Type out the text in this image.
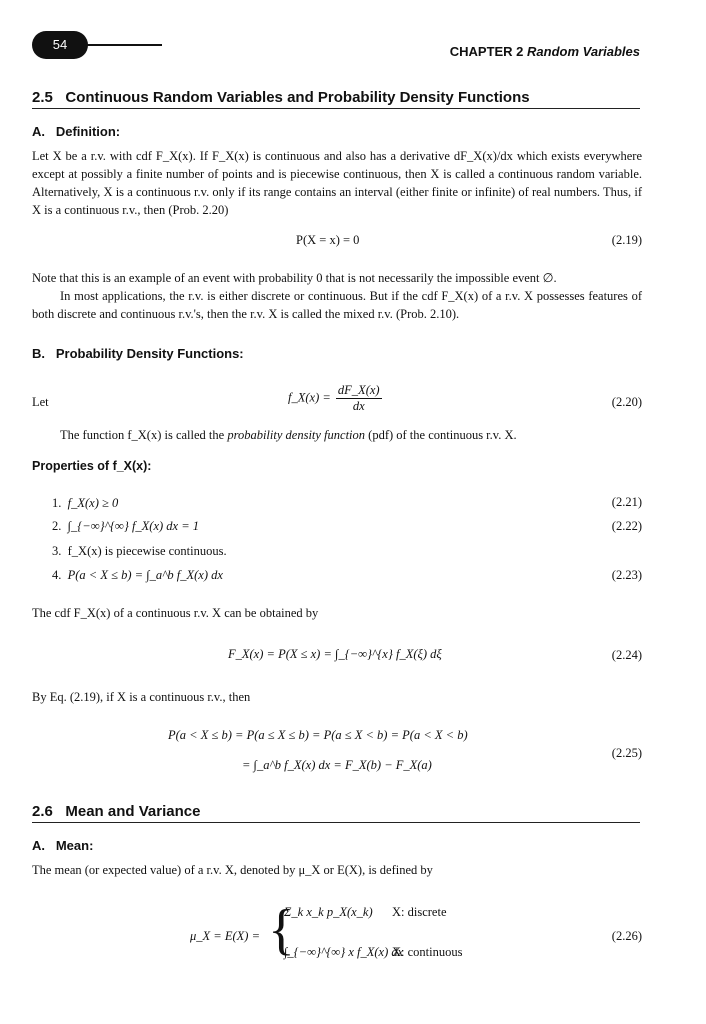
54	CHAPTER 2 Random Variables
2.5 Continuous Random Variables and Probability Density Functions
A. Definition:
Let X be a r.v. with cdf F_X(x). If F_X(x) is continuous and also has a derivative dF_X(x)/dx which exists everywhere except at possibly a finite number of points and is piecewise continuous, then X is called a continuous random variable. Alternatively, X is a continuous r.v. only if its range contains an interval (either finite or infinite) of real numbers. Thus, if X is a continuous r.v., then (Prob. 2.20)
P(X = x) = 0	(2.19)
Note that this is an example of an event with probability 0 that is not necessarily the impossible event ∅.
In most applications, the r.v. is either discrete or continuous. But if the cdf F_X(x) of a r.v. X possesses features of both discrete and continuous r.v.'s, then the r.v. X is called the mixed r.v. (Prob. 2.10).
B. Probability Density Functions:
Let	f_X(x) = $\frac{dF\_X(x)}{dx}$	(2.20)
The function f_X(x) is called the probability density function (pdf) of the continuous r.v. X.
Properties of f_X(x):
1. f_X(x) ≥ 0	(2.21)
2. ∫_{−∞}^{∞} f_X(x) dx = 1	(2.22)
3. f_X(x) is piecewise continuous.
4. P(a < X ≤ b) = ∫_a^b f_X(x) dx	(2.23)
The cdf F_X(x) of a continuous r.v. X can be obtained by
F_X(x) = P(X ≤ x) = ∫_{−∞}^{x} f_X(ξ) dξ	(2.24)
By Eq. (2.19), if X is a continuous r.v., then
P(a < X ≤ b) = P(a ≤ X ≤ b) = P(a ≤ X < b) = P(a < X < b)
= ∫_a^b f_X(x) dx = F_X(b) − F_X(a)
(2.25)
2.6 Mean and Variance
A. Mean:
The mean (or expected value) of a r.v. X, denoted by μ_X or E(X), is defined by
μ_X = E(X) = {
Σ_k x_k p_X(x_k) X: discrete
∫_{−∞}^{∞} x f_X(x) dx
X: continuous
(2.26)
